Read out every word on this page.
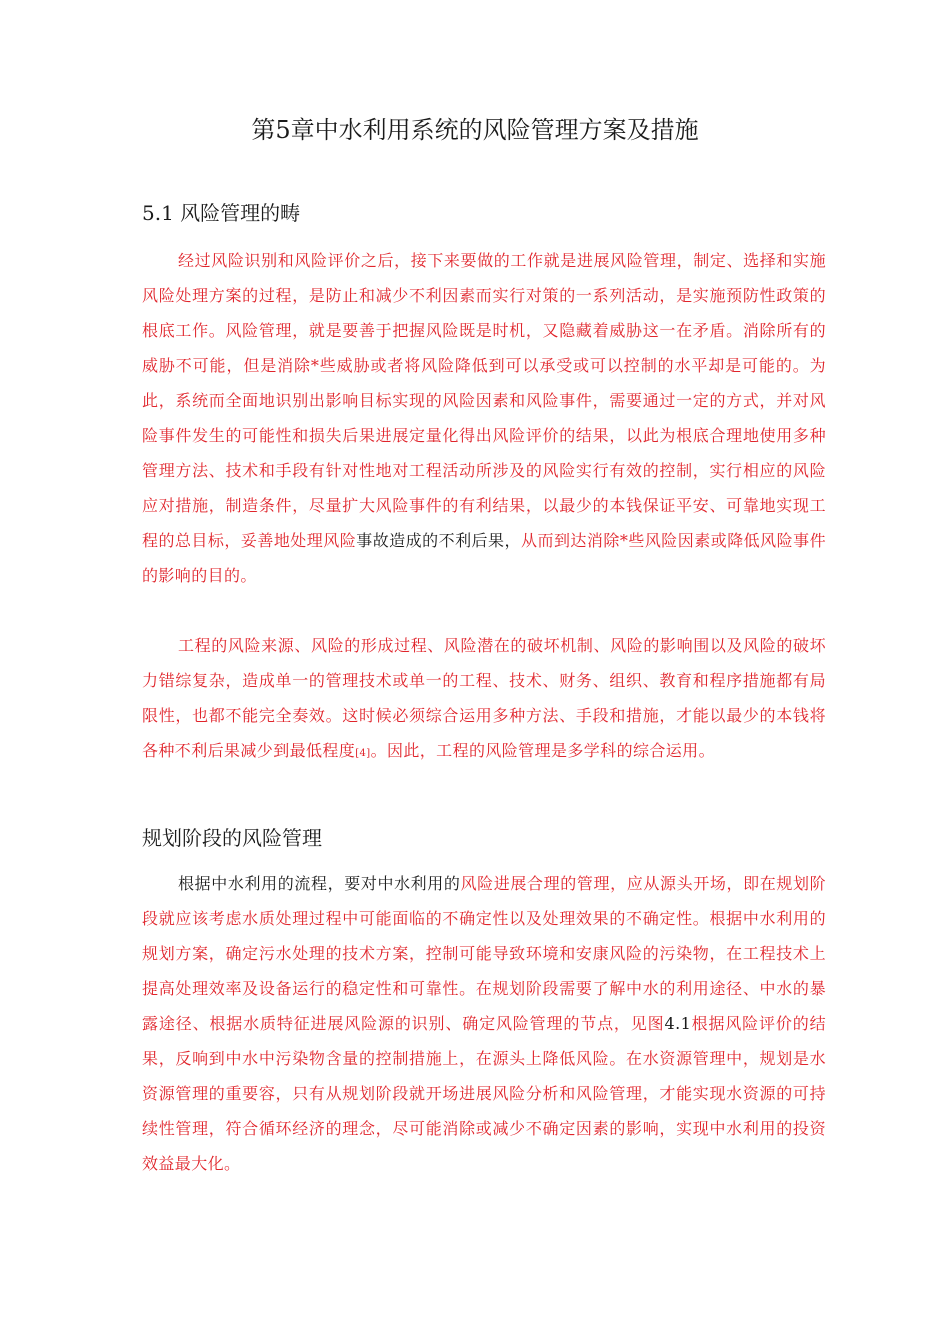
第5章中水利用系统的风险管理方案及措施
5.1 风险管理的畴

经过风险识别和风险评价之后，接下来要做的工作就是进展风险管理，制定、选择和实施风险处理方案的过程，是防止和减少不利因素而实行对策的一系列活动，是实施预防性政策的根底工作。风险管理，就是要善于把握风险既是时机，又隐藏着威胁这一在矛盾。消除所有的威胁不可能，但是消除*些威胁或者将风险降低到可以承受或可以控制的水平却是可能的。为此，系统而全面地识别出影响目标实现的风险因素和风险事件，需要通过一定的方式，并对风险事件发生的可能性和损失后果进展定量化得出风险评价的结果，以此为根底合理地使用多种管理方法、技术和手段有针对性地对工程活动所涉及的风险实行有效的控制，实行相应的风险应对措施，制造条件，尽量扩大风险事件的有利结果，以最少的本钱保证平安、可靠地实现工程的总目标，妥善地处理风险事故造成的不利后果，从而到达消除*些风险因素或降低风险事件的影响的目的。

工程的风险来源、风险的形成过程、风险潜在的破坏机制、风险的影响围以及风险的破坏力错综复杂，造成单一的管理技术或单一的工程、技术、财务、组织、教育和程序措施都有局限性，也都不能完全奏效。这时候必须综合运用多种方法、手段和措施，才能以最少的本钱将各种不利后果减少到最低程度[4]。因此，工程的风险管理是多学科的综合运用。

规划阶段的风险管理

根据中水利用的流程，要对中水利用的风险进展合理的管理，应从源头开场，即在规划阶段就应该考虑水质处理过程中可能面临的不确定性以及处理效果的不确定性。根据中水利用的规划方案，确定污水处理的技术方案，控制可能导致环境和安康风险的污染物，在工程技术上提高处理效率及设备运行的稳定性和可靠性。在规划阶段需要了解中水的利用途径、中水的暴露途径、根据水质特征进展风险源的识别、确定风险管理的节点，见图4.1根据风险评价的结果，反响到中水中污染物含量的控制措施上，在源头上降低风险。在水资源管理中，规划是水资源管理的重要容，只有从规划阶段就开场进展风险分析和风险管理，才能实现水资源的可持续性管理，符合循环经济的理念，尽可能消除或减少不确定因素的影响，实现中水利用的投资效益最大化。
